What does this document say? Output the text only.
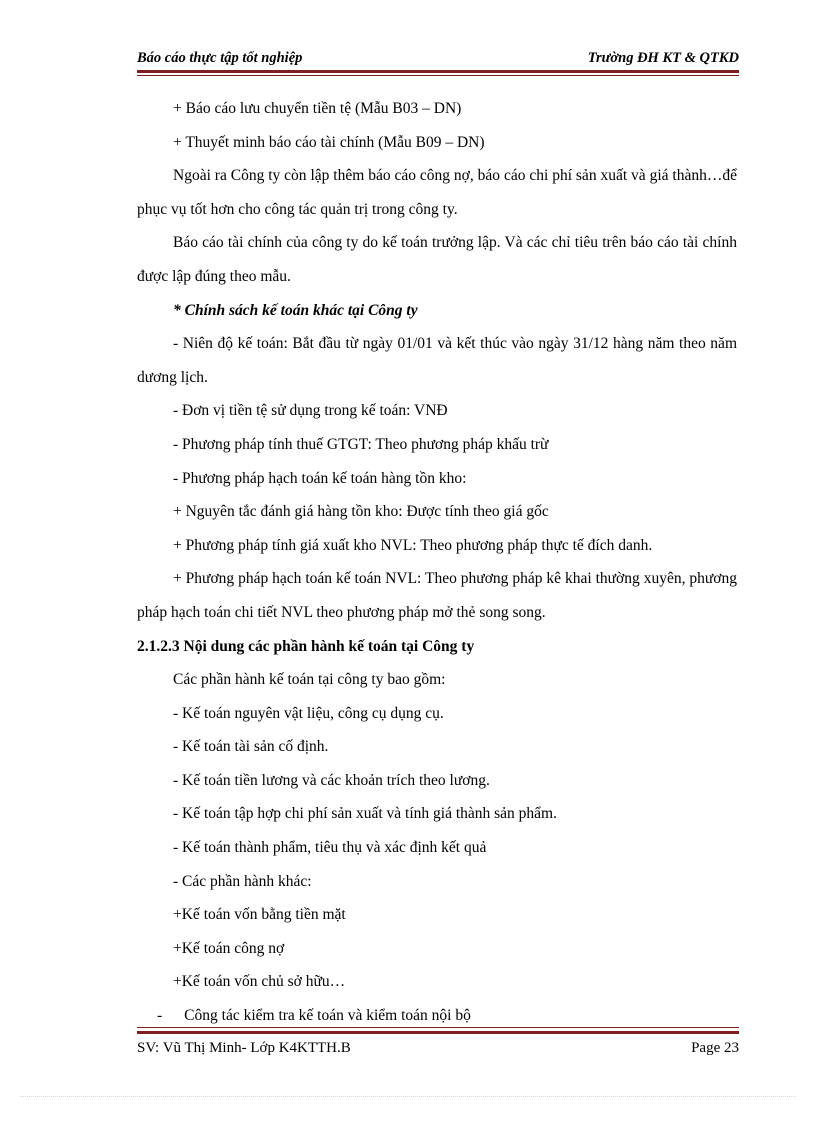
Báo cáo thực tập tốt nghiệp	Trường ĐH KT & QTKD

+ Báo cáo lưu chuyển tiền tệ (Mẫu B03 – DN)

+ Thuyết minh báo cáo tài chính (Mẫu B09 – DN)

Ngoài ra Công ty còn lập thêm báo cáo công nợ, báo cáo chi phí sản xuất và giá thành…để phục vụ tốt hơn cho công tác quản trị trong công ty.

Báo cáo tài chính của công ty do kế toán trưởng lập. Và các chỉ tiêu trên báo cáo tài chính được lập đúng theo mẫu.

* Chính sách kế toán khác tại Công ty

- Niên độ kế toán: Bắt đầu từ ngày 01/01 và kết thúc vào ngày 31/12 hàng năm theo năm dương lịch.

- Đơn vị tiền tệ sử dụng trong kế toán: VNĐ

- Phương pháp tính thuế GTGT: Theo phương pháp khấu trừ

- Phương pháp hạch toán kế toán hàng tồn kho:

+ Nguyên tắc đánh giá hàng tồn kho: Được tính theo giá gốc

+ Phương pháp tính giá xuất kho NVL: Theo phương pháp thực tế đích danh.

+ Phương pháp hạch toán kế toán NVL: Theo phương pháp kê khai thường xuyên, phương pháp hạch toán chi tiết NVL theo phương pháp mở thẻ song song.

2.1.2.3 Nội dung các phần hành kế toán tại Công ty

Các phần hành kế toán tại công ty bao gồm:

- Kế toán nguyên vật liệu, công cụ dụng cụ.

- Kế toán tài sản cố định.

- Kế toán tiền lương và các khoản trích theo lương.

- Kế toán tập hợp chi phí sản xuất và tính giá thành sản phẩm.

- Kế toán thành phẩm, tiêu thụ và xác định kết quả

- Các phần hành khác:

+Kế toán vốn bằng tiền mặt

+Kế toán công nợ

+Kế toán vốn chủ sở hữu…

- Công tác kiểm tra kế toán và kiểm toán nội bộ

SV: Vũ Thị Minh- Lớp K4KTTH.B	Page 23
